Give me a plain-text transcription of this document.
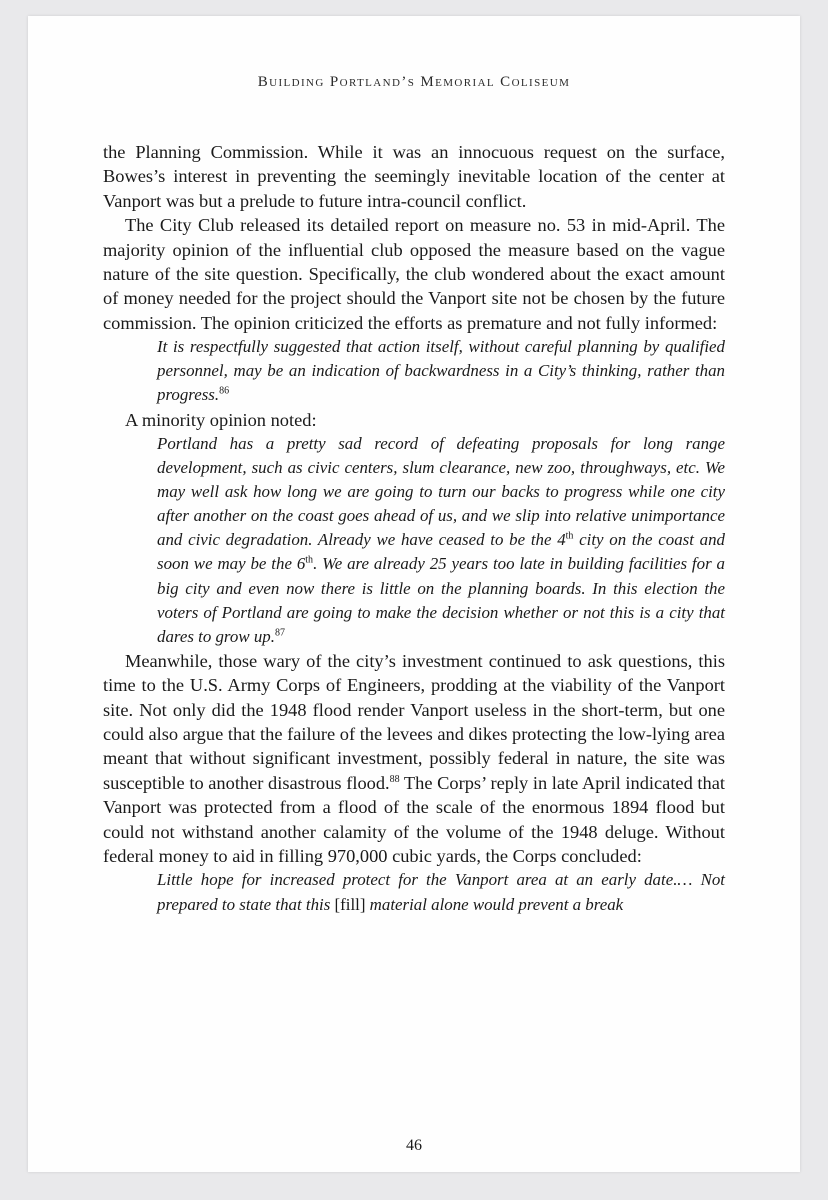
Building Portland’s Memorial Coliseum

the Planning Commission. While it was an innocuous request on the surface, Bowes’s interest in preventing the seemingly inevitable location of the center at Vanport was but a prelude to future intra-council conflict.

The City Club released its detailed report on measure no. 53 in mid-April. The majority opinion of the influential club opposed the measure based on the vague nature of the site question. Specifically, the club wondered about the exact amount of money needed for the project should the Vanport site not be chosen by the future commission. The opinion criticized the efforts as premature and not fully informed:

It is respectfully suggested that action itself, without careful planning by qualified personnel, may be an indication of backwardness in a City’s thinking, rather than progress.$^{86}$

A minority opinion noted:

Portland has a pretty sad record of defeating proposals for long range development, such as civic centers, slum clearance, new zoo, throughways, etc. We may well ask how long we are going to turn our backs to progress while one city after another on the coast goes ahead of us, and we slip into relative unimportance and civic degradation. Already we have ceased to be the 4th city on the coast and soon we may be the 6th. We are already 25 years too late in building facilities for a big city and even now there is little on the planning boards. In this election the voters of Portland are going to make the decision whether or not this is a city that dares to grow up.$^{87}$

Meanwhile, those wary of the city’s investment continued to ask questions, this time to the U.S. Army Corps of Engineers, prodding at the viability of the Vanport site. Not only did the 1948 flood render Vanport useless in the short-term, but one could also argue that the failure of the levees and dikes protecting the low-lying area meant that without significant investment, possibly federal in nature, the site was susceptible to another disastrous flood.$^{88}$ The Corps’ reply in late April indicated that Vanport was protected from a flood of the scale of the enormous 1894 flood but could not withstand another calamity of the volume of the 1948 deluge. Without federal money to aid in filling 970,000 cubic yards, the Corps concluded:

Little hope for increased protect for the Vanport area at an early date.… Not prepared to state that this [fill] material alone would prevent a break

46
